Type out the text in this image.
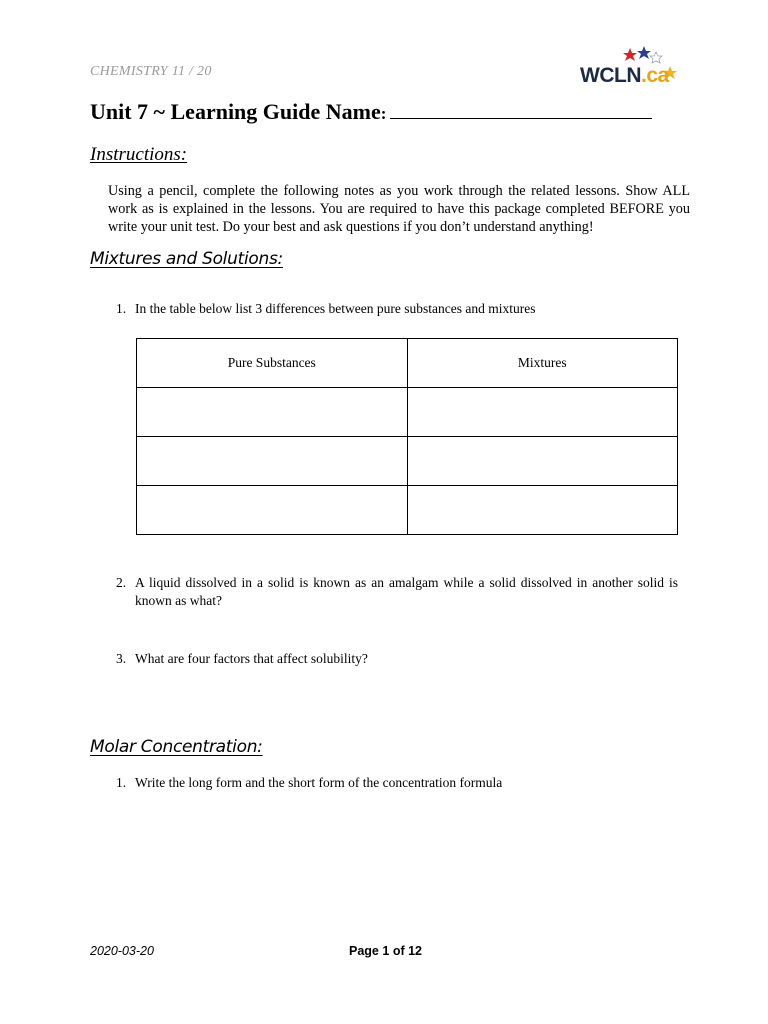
CHEMISTRY 11 / 20	WCLN.ca
Unit 7 ~ Learning Guide Name:
Instructions:
Using a pencil, complete the following notes as you work through the related lessons. Show ALL work as is explained in the lessons. You are required to have this package completed BEFORE you write your unit test. Do your best and ask questions if you don’t understand anything!
Mixtures and Solutions:
1. In the table below list 3 differences between pure substances and mixtures
Pure Substances	Mixtures

2. A liquid dissolved in a solid is known as an amalgam while a solid dissolved in another solid is known as what?
3. What are four factors that affect solubility?
Molar Concentration:
1. Write the long form and the short form of the concentration formula
2020-03-20	Page 1 of 12
